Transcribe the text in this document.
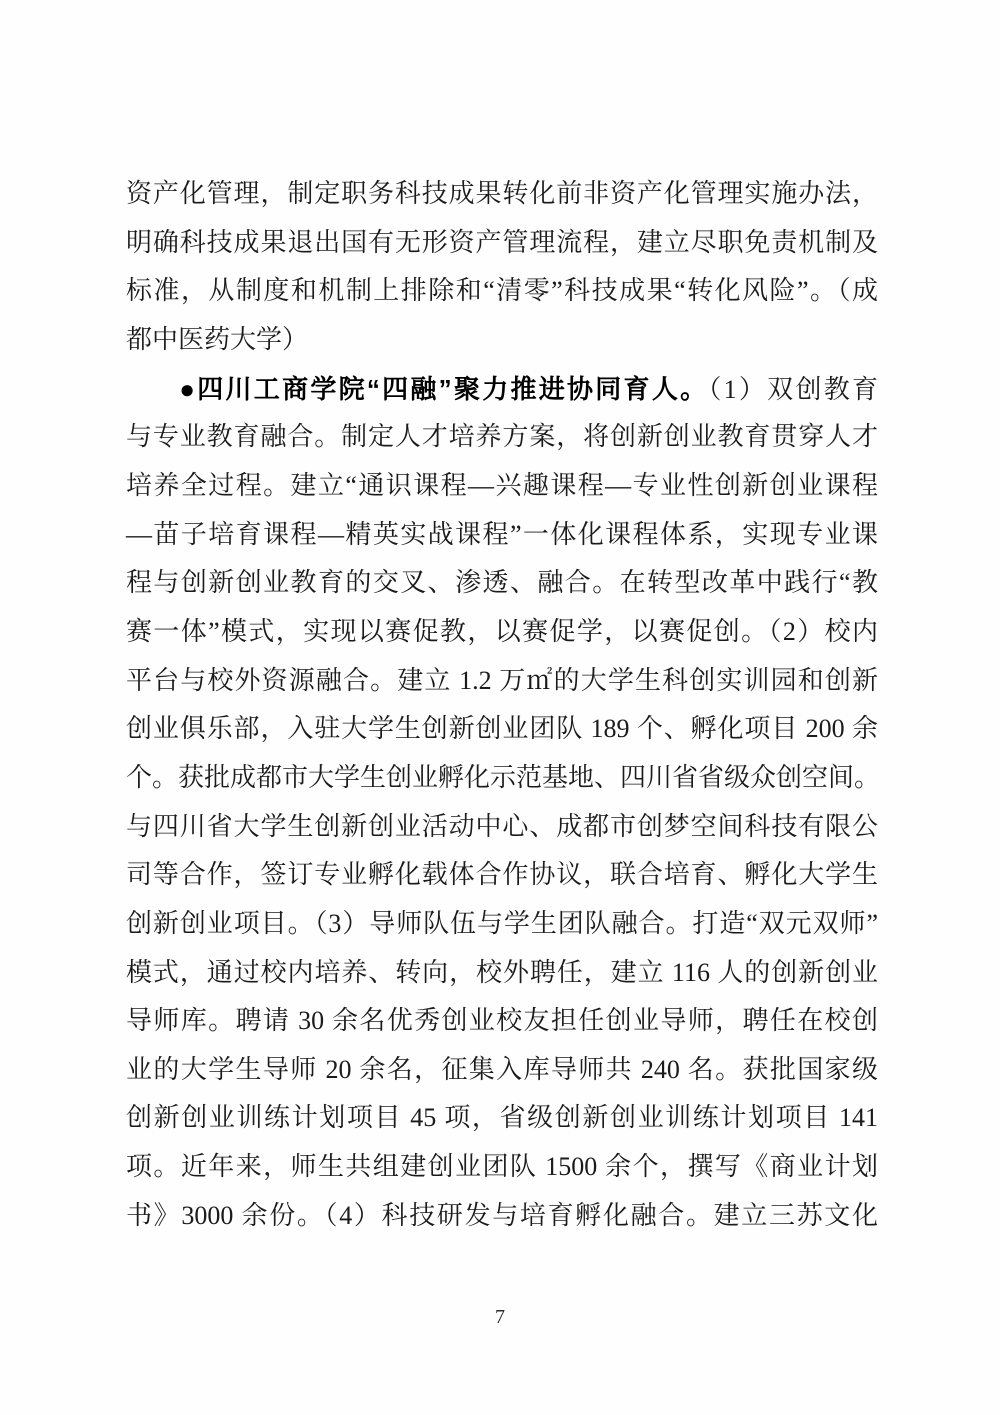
资产化管理，制定职务科技成果转化前非资产化管理实施办法，
明确科技成果退出国有无形资产管理流程，建立尽职免责机制及
标准，从制度和机制上排除和“清零”科技成果“转化风险”。（成
都中医药大学）
●四川工商学院“四融”聚力推进协同育人。（1）双创教育
与专业教育融合。制定人才培养方案，将创新创业教育贯穿人才
培养全过程。建立“通识课程—兴趣课程—专业性创新创业课程
—苗子培育课程—精英实战课程”一体化课程体系，实现专业课
程与创新创业教育的交叉、渗透、融合。在转型改革中践行“教
赛一体”模式，实现以赛促教，以赛促学，以赛促创。（2）校内
平台与校外资源融合。建立 1.2 万㎡的大学生科创实训园和创新
创业俱乐部，入驻大学生创新创业团队 189 个、孵化项目 200 余
个。获批成都市大学生创业孵化示范基地、四川省省级众创空间。
与四川省大学生创新创业活动中心、成都市创梦空间科技有限公
司等合作，签订专业孵化载体合作协议，联合培育、孵化大学生
创新创业项目。（3）导师队伍与学生团队融合。打造“双元双师”
模式，通过校内培养、转向，校外聘任，建立 116 人的创新创业
导师库。聘请 30 余名优秀创业校友担任创业导师，聘任在校创
业的大学生导师 20 余名，征集入库导师共 240 名。获批国家级
创新创业训练计划项目 45 项，省级创新创业训练计划项目 141
项。近年来，师生共组建创业团队 1500 余个，撰写《商业计划
书》3000 余份。（4）科技研发与培育孵化融合。建立三苏文化
7
